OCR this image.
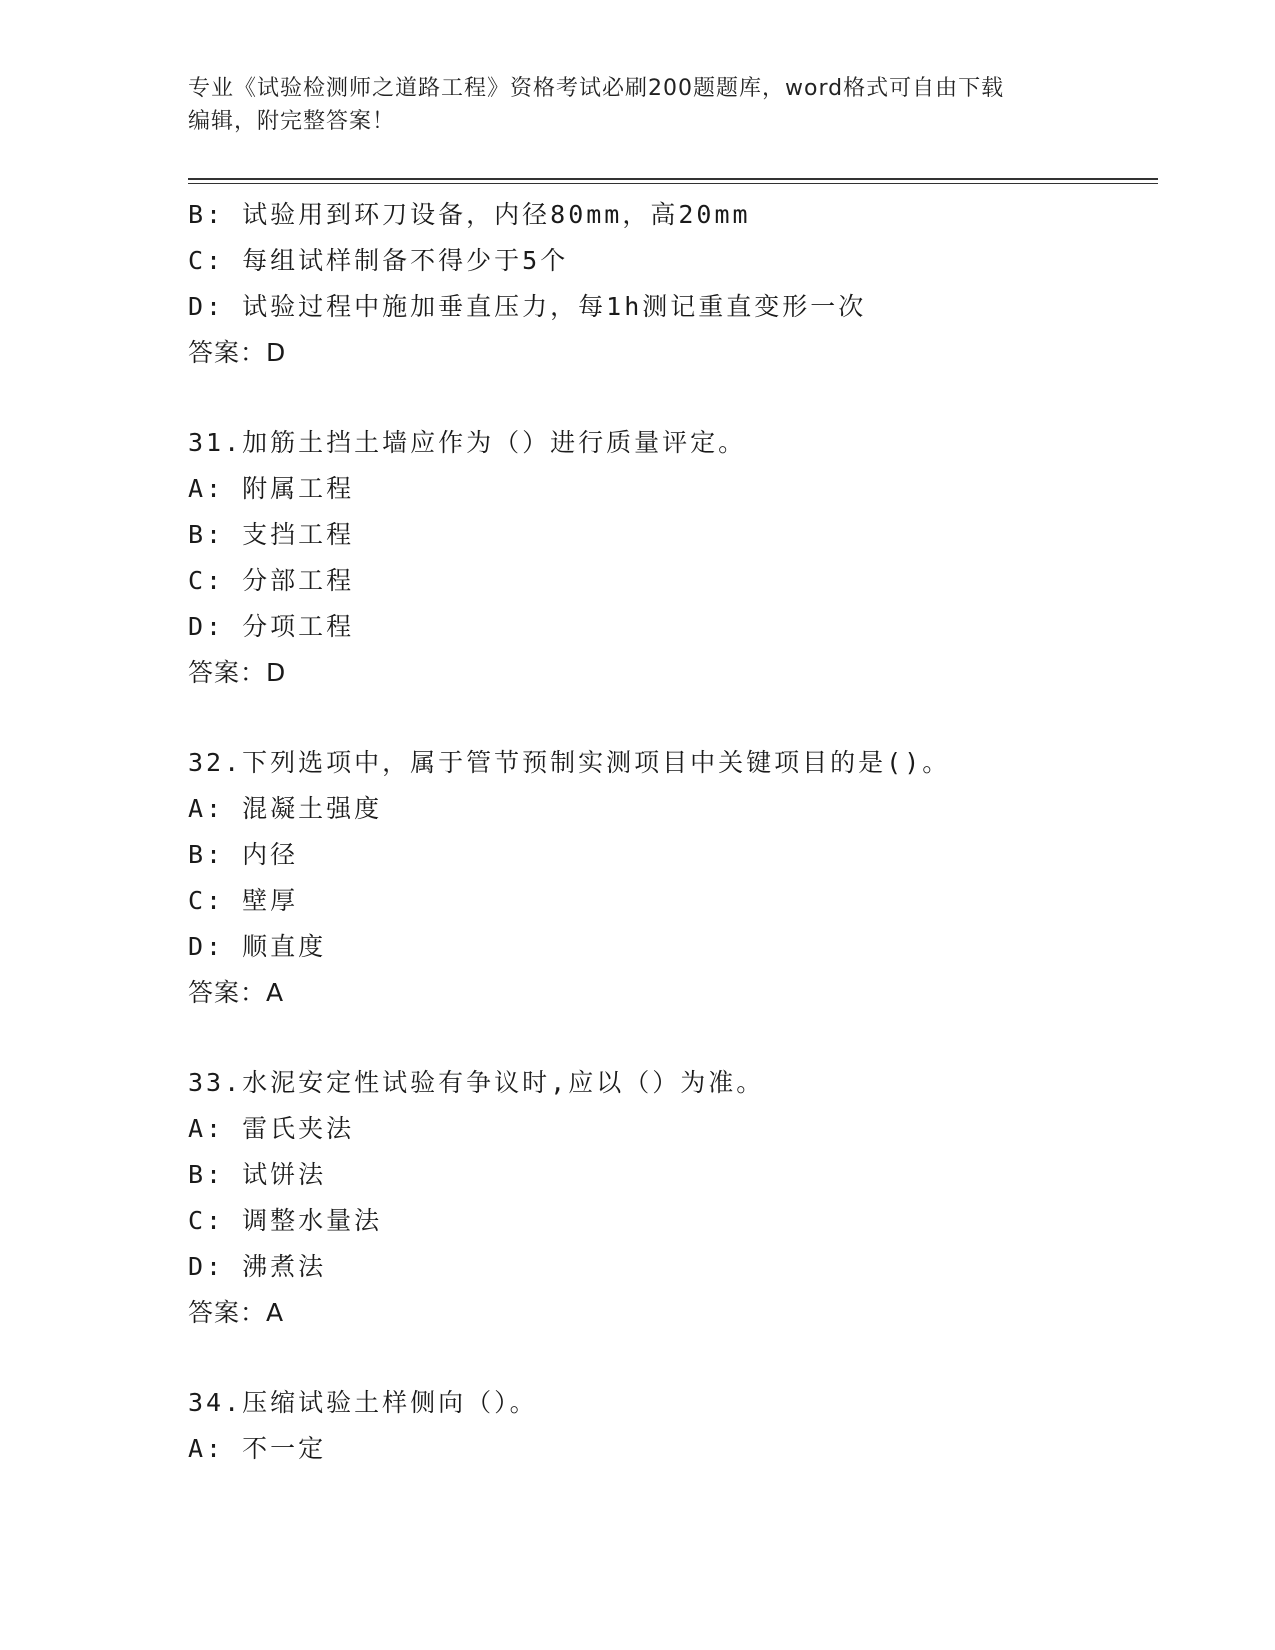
专业《试验检测师之道路工程》资格考试必刷200题题库，word格式可自由下载
编辑，附完整答案！
B: 试验用到环刀设备，内径80mm，高20mm
C: 每组试样制备不得少于5个
D: 试验过程中施加垂直压力，每1h测记重直变形一次
答案：D
31.加筋土挡土墙应作为（）进行质量评定。
A: 附属工程
B: 支挡工程
C: 分部工程
D: 分项工程
答案：D
32.下列选项中，属于管节预制实测项目中关键项目的是()。
A: 混凝土强度
B: 内径
C: 壁厚
D: 顺直度
答案：A
33.水泥安定性试验有争议时,应以（）为准。
A: 雷氏夹法
B: 试饼法
C: 调整水量法
D: 沸煮法
答案：A
34.压缩试验土样侧向（）。
A: 不一定
